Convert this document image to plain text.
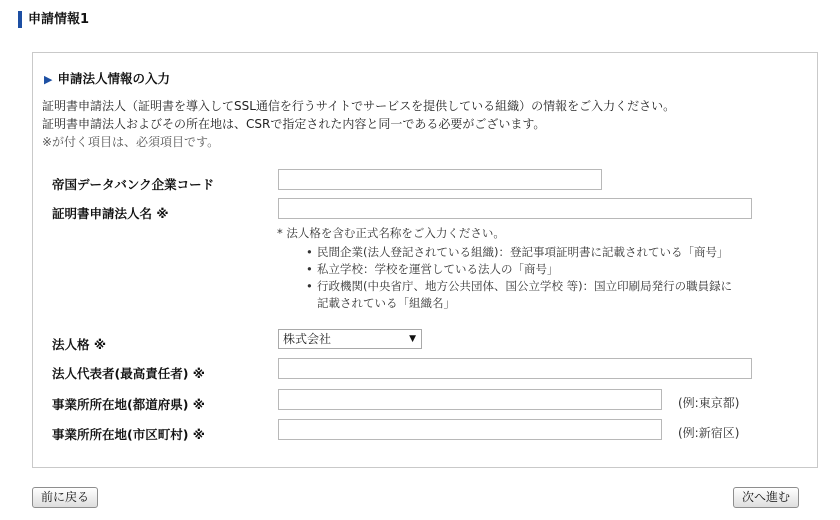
申請情報1
▶ 申請法人情報の入力
証明書申請法人（証明書を導入してSSL通信を行うサイトでサービスを提供している組織）の情報をご入力ください。
証明書申請法人およびその所在地は、CSRで指定された内容と同一である必要がございます。
※が付く項目は、必須項目です。
帝国データバンク企業コード
証明書申請法人名 ※
* 法人格を含む正式名称をご入力ください。
• 民間企業(法人登記されている組織)：登記事項証明書に記載されている「商号」
• 私立学校：学校を運営している法人の「商号」
• 行政機関(中央省庁、地方公共団体、国公立学校 等)：国立印刷局発行の職員録に
記載されている「組織名」
法人格 ※	株式会社	▼
法人代表者(最高責任者) ※
事業所所在地(都道府県) ※	(例:東京都)
事業所所在地(市区町村) ※	(例:新宿区)
前に戻る	次へ進む
